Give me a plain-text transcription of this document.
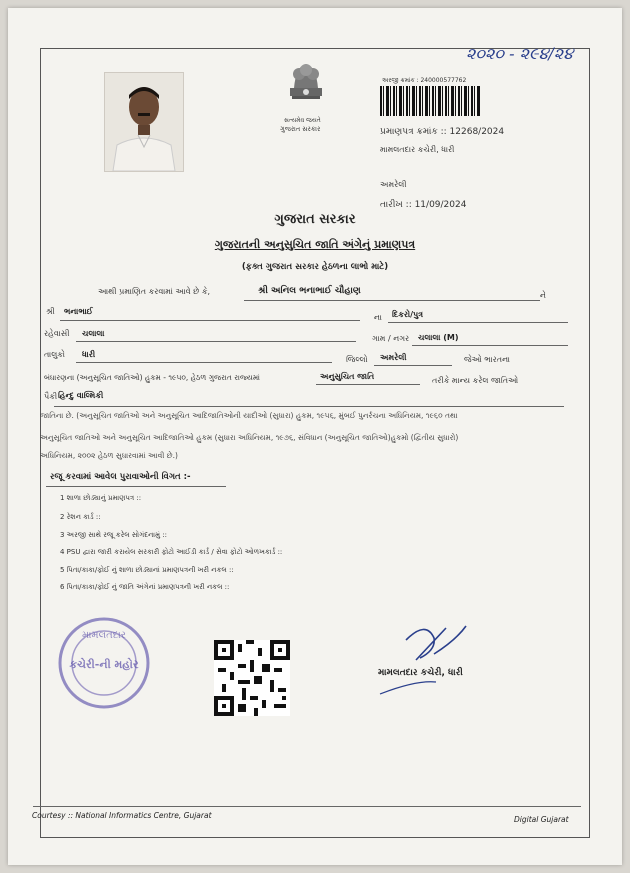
૨૦૨૦ - ૨૯૪/૨૪
સત્યમેવ જયતે
ગુજરાત સરકાર
અરજી ક્રમાંક : 240000577762
પ્રમાણપત્ર ક્રમાંક :: 12268/2024
મામલતદાર કચેરી, ધારી
અમરેલી
તારીખ :: 11/09/2024
ગુજરાત સરકાર
ગુજરાતની અનુસુચિત જાતિ અંગેનું પ્રમાણપત્ર
(ફક્ત ગુજરાત સરકાર હેઠળના લાભો માટે)
આથી પ્રમાણિત કરવામાં આવે છે કે,	શ્રી અનિલ ભનાભાઈ ચૌહાણ	ને
શ્રી ભનાભાઈ
ના દિકરો/પુત્ર
રહેવાસી ચલાલા
ગામ / નગર ચલાલા (M)
તાલુકો ધારી
જિલ્લો અમરેલી	જેઓ ભારતના
બંધારણના (અનુસૂચિત જાતિઓ) હુકમ - ૧૯૫૦, હેઠળ ગુજરાત રાજ્યમાં	અનુસુચિત જાતિ	તરીકે માન્ય કરેલ જાતિઓ
પૈકી હિન્દુ વાલ્મિકી
જાતિના છે. (અનુસૂચિત જાતિઓ અને અનુસૂચિત આદિજાતિઓની યાદીઓ (સુધારા) હુકમ, ૧૯૫૬, મુંબઈ પુનર્રચના અધિનિયમ, ૧૯૬૦ તથા
અનુસૂચિત જાતિઓ અને અનુસૂચિત આદિજાતિઓ હુકમ (સુધારા અધિનિયમ, ૧૯૭૬, સંવિધાન (અનુસૂચિત જાતિઓ)હુકમો (દ્વિતીય સુધારો)
અધિનિયમ, ૨૦૦૨ હેઠળ સુધારવામાં આવી છે.)
રજૂ કરવામાં આવેલ પુરાવાઓની વિગત :-
1 શાળા છોડ્યાનું પ્રમાણપત્ર ::
2 રેશન કાર્ડ ::
3 અરજી સાથે રજૂ કરેલ સોગંદનામું ::
4 PSU દ્વારા જારી કરાયેલ સરકારી ફોટો આઈડી કાર્ડ / સેવા ફોટો ઓળખકાર્ડ ::
5 પિતા/કાકા/ફોઈ નું શાળા છોડ્યાનાં પ્રમાણપત્રની ખરી નકલ ::
6 પિતા/કાકા/ફોઈ નું જાતિ અંગેનાં પ્રમાણપત્રની ખરી નકલ ::
મામલતદાર
કચેરી-ની મહોર
મામલતદાર કચેરી, ધારી
Courtesy :: National Informatics Centre, Gujarat	Digital Gujarat
